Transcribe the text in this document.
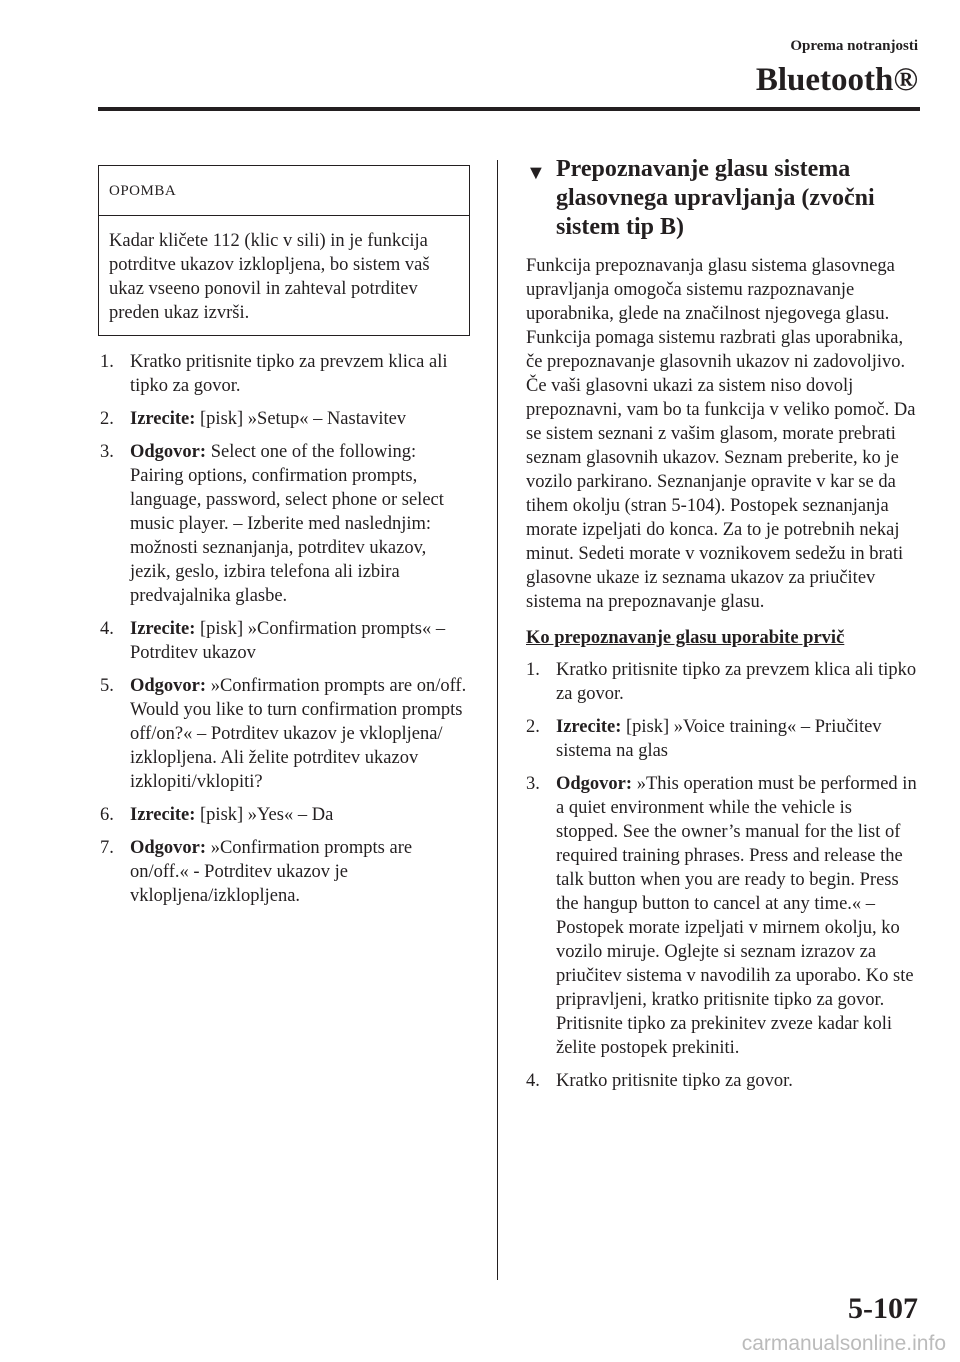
Oprema notranjosti
Bluetooth®
OPOMBA
Kadar kličete 112 (klic v sili) in je funkcija potrditve ukazov izklopljena, bo sistem vaš ukaz vseeno ponovil in zahteval potrditev preden ukaz izvrši.
1. Kratko pritisnite tipko za prevzem klica ali tipko za govor.
2. Izrecite: [pisk] »Setup« – Nastavitev
3. Odgovor: Select one of the following: Pairing options, confirmation prompts, language, password, select phone or select music player. – Izberite med naslednjim: možnosti seznanjanja, potrditev ukazov, jezik, geslo, izbira telefona ali izbira predvajalnika glasbe.
4. Izrecite: [pisk] »Confirmation prompts« – Potrditev ukazov
5. Odgovor: »Confirmation prompts are on/off. Would you like to turn confirmation prompts off/on?« – Potrditev ukazov je vklopljena/ izklopljena. Ali želite potrditev ukazov izklopiti/vklopiti?
6. Izrecite: [pisk] »Yes« – Da
7. Odgovor: »Confirmation prompts are on/off.« - Potrditev ukazov je vklopljena/izklopljena.
▼ Prepoznavanje glasu sistema glasovnega upravljanja (zvočni sistem tip B)
Funkcija prepoznavanja glasu sistema glasovnega upravljanja omogoča sistemu razpoznavanje uporabnika, glede na značilnost njegovega glasu. Funkcija pomaga sistemu razbrati glas uporabnika, če prepoznavanje glasovnih ukazov ni zadovoljivo. Če vaši glasovni ukazi za sistem niso dovolj prepoznavni, vam bo ta funkcija v veliko pomoč. Da se sistem seznani z vašim glasom, morate prebrati seznam glasovnih ukazov. Seznam preberite, ko je vozilo parkirano. Seznanjanje opravite v kar se da tihem okolju (stran 5-104). Postopek seznanjanja morate izpeljati do konca. Za to je potrebnih nekaj minut. Sedeti morate v voznikovem sedežu in brati glasovne ukaze iz seznama ukazov za priučitev sistema na prepoznavanje glasu.
Ko prepoznavanje glasu uporabite prvič
1. Kratko pritisnite tipko za prevzem klica ali tipko za govor.
2. Izrecite: [pisk] »Voice training« – Priučitev sistema na glas
3. Odgovor: »This operation must be performed in a quiet environment while the vehicle is stopped. See the owner’s manual for the list of required training phrases. Press and release the talk button when you are ready to begin. Press the hangup button to cancel at any time.« – Postopek morate izpeljati v mirnem okolju, ko vozilo miruje. Oglejte si seznam izrazov za priučitev sistema v navodilih za uporabo. Ko ste pripravljeni, kratko pritisnite tipko za govor. Pritisnite tipko za prekinitev zveze kadar koli želite postopek prekiniti.
4. Kratko pritisnite tipko za govor.
5-107
carmanualsonline.info
